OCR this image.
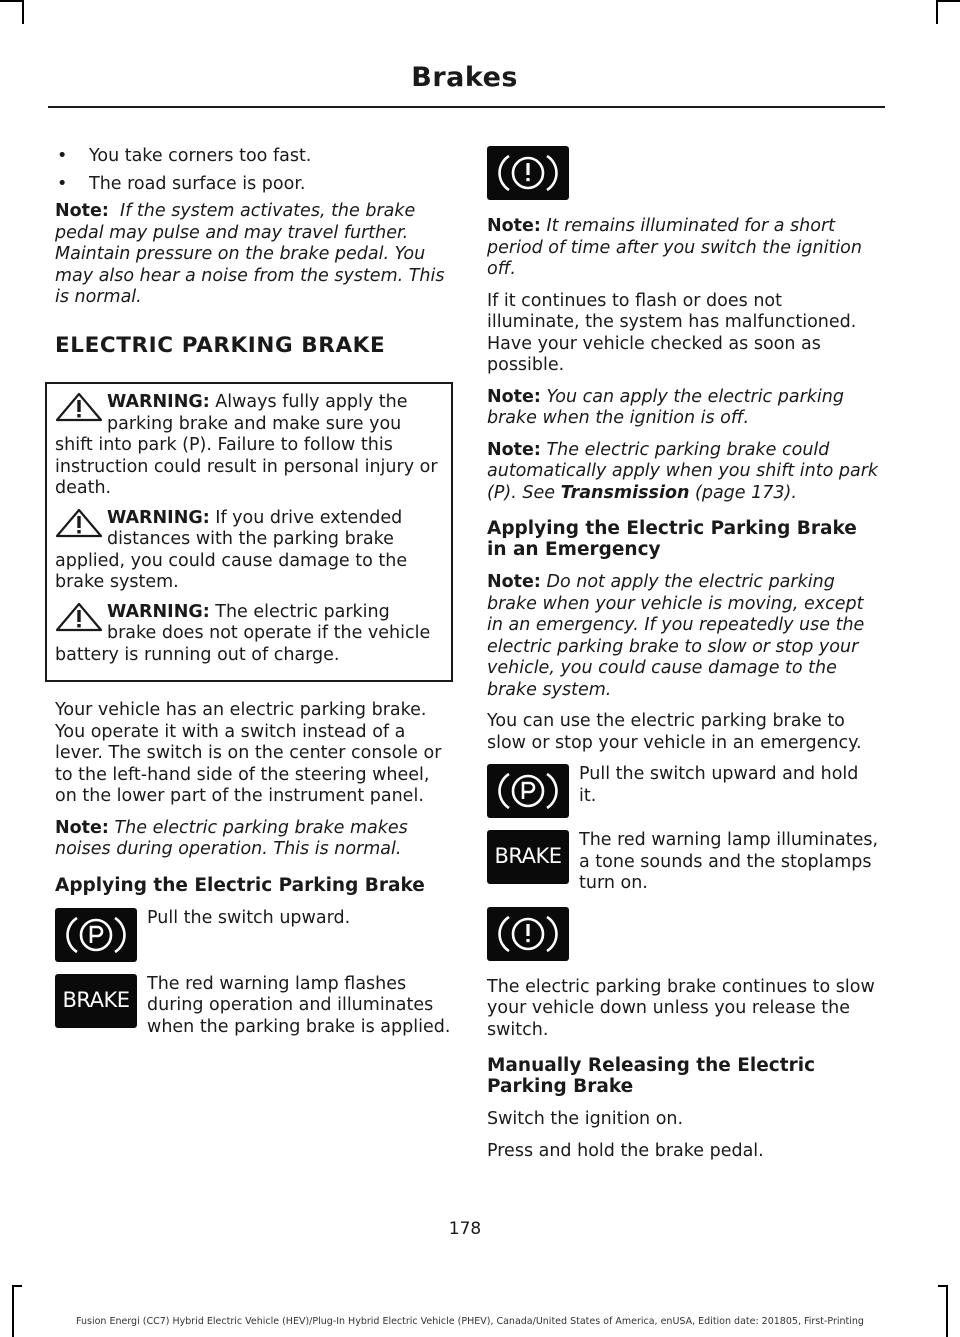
Brakes
• You take corners too fast.
• The road surface is poor.

Note: If the system activates, the brake pedal may pulse and may travel further. Maintain pressure on the brake pedal. You may also hear a noise from the system. This is normal.

ELECTRIC PARKING BRAKE
WARNING: Always fully apply the parking brake and make sure you shift into park (P). Failure to follow this instruction could result in personal injury or death.
WARNING: If you drive extended distances with the parking brake applied, you could cause damage to the brake system.
WARNING: The electric parking brake does not operate if the vehicle battery is running out of charge.

Your vehicle has an electric parking brake. You operate it with a switch instead of a lever. The switch is on the center console or to the left-hand side of the steering wheel, on the lower part of the instrument panel.

Note: The electric parking brake makes noises during operation. This is normal.

Applying the Electric Parking Brake

Pull the switch upward.

BRAKE

The red warning lamp flashes during operation and illuminates when the parking brake is applied.

Note: It remains illuminated for a short period of time after you switch the ignition off.

If it continues to flash or does not illuminate, the system has malfunctioned. Have your vehicle checked as soon as possible.

Note: You can apply the electric parking brake when the ignition is off.

Note: The electric parking brake could automatically apply when you shift into park (P). See Transmission (page 173).

Applying the Electric Parking Brake in an Emergency

Note: Do not apply the electric parking brake when your vehicle is moving, except in an emergency. If you repeatedly use the electric parking brake to slow or stop your vehicle, you could cause damage to the brake system.

You can use the electric parking brake to slow or stop your vehicle in an emergency.

Pull the switch upward and hold it.

BRAKE

The red warning lamp illuminates, a tone sounds and the stoplamps turn on.

The electric parking brake continues to slow your vehicle down unless you release the switch.

Manually Releasing the Electric Parking Brake

Switch the ignition on.

Press and hold the brake pedal.

178
Fusion Energi (CC7) Hybrid Electric Vehicle (HEV)/Plug-In Hybrid Electric Vehicle (PHEV), Canada/United States of America, enUSA, Edition date: 201805, First-Printing
